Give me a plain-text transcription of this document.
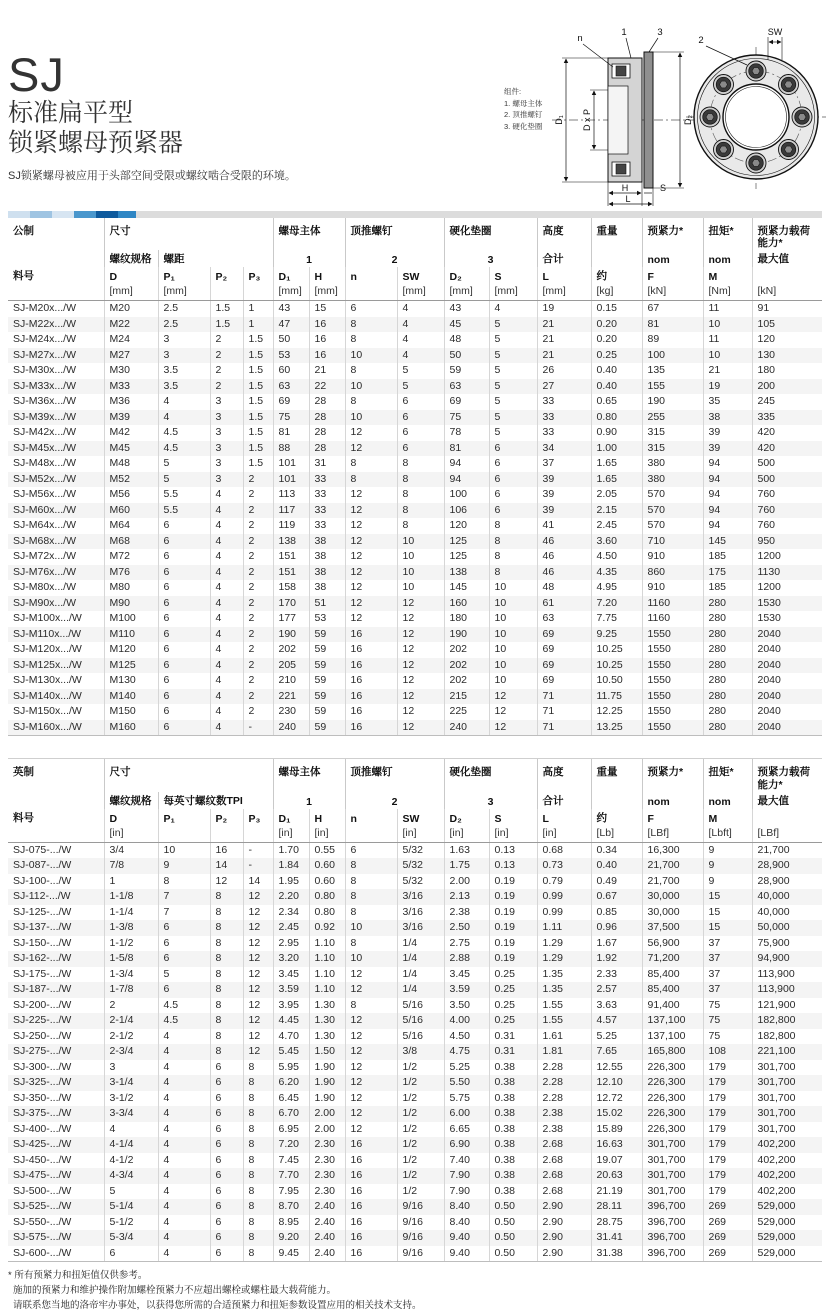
D₁ D x P	D₂
n
1	3
H	S
L
2
SW
组件:
1. 螺母主体
2. 顶推螺钉
3. 硬化垫圈
SJ
标准扁平型
锁紧螺母预紧器
SJ锁紧螺母被应用于头部空间受限或螺纹啮合受限的环境。
公制	尺寸				螺母主体		顶推螺钉		硬化垫圈		高度	重量	预紧力*	扭矩*	预紧力载荷能力*
	螺纹规格	螺距			1		2		3		合计		nom	nom	最大值
料号	D	P₁	P₂	P₃	D₁	H	n	SW	D₂	S	L	约	F	M	
	[mm]	[mm]			[mm]	[mm]		[mm]	[mm]	[mm]	[mm]	[kg]	[kN]	[Nm]	[kN]
SJ-M20x.../W	M20	2.5	1.5	1	43	15	6	4	43	4	19	0.15	67	11	91
SJ-M22x.../W	M22	2.5	1.5	1	47	16	8	4	45	5	21	0.20	81	10	105
SJ-M24x.../W	M24	3	2	1.5	50	16	8	4	48	5	21	0.20	89	11	120
SJ-M27x.../W	M27	3	2	1.5	53	16	10	4	50	5	21	0.25	100	10	130
SJ-M30x.../W	M30	3.5	2	1.5	60	21	8	5	59	5	26	0.40	135	21	180
SJ-M33x.../W	M33	3.5	2	1.5	63	22	10	5	63	5	27	0.40	155	19	200
SJ-M36x.../W	M36	4	3	1.5	69	28	8	6	69	5	33	0.65	190	35	245
SJ-M39x.../W	M39	4	3	1.5	75	28	10	6	75	5	33	0.80	255	38	335
SJ-M42x.../W	M42	4.5	3	1.5	81	28	12	6	78	5	33	0.90	315	39	420
SJ-M45x.../W	M45	4.5	3	1.5	88	28	12	6	81	6	34	1.00	315	39	420
SJ-M48x.../W	M48	5	3	1.5	101	31	8	8	94	6	37	1.65	380	94	500
SJ-M52x.../W	M52	5	3	2	101	33	8	8	94	6	39	1.65	380	94	500
SJ-M56x.../W	M56	5.5	4	2	113	33	12	8	100	6	39	2.05	570	94	760
SJ-M60x.../W	M60	5.5	4	2	117	33	12	8	106	6	39	2.15	570	94	760
SJ-M64x.../W	M64	6	4	2	119	33	12	8	120	8	41	2.45	570	94	760
SJ-M68x.../W	M68	6	4	2	138	38	12	10	125	8	46	3.60	710	145	950
SJ-M72x.../W	M72	6	4	2	151	38	12	10	125	8	46	4.50	910	185	1200
SJ-M76x.../W	M76	6	4	2	151	38	12	10	138	8	46	4.35	860	175	1130
SJ-M80x.../W	M80	6	4	2	158	38	12	10	145	10	48	4.95	910	185	1200
SJ-M90x.../W	M90	6	4	2	170	51	12	12	160	10	61	7.20	1160	280	1530
SJ-M100x.../W	M100	6	4	2	177	53	12	12	180	10	63	7.75	1160	280	1530
SJ-M110x.../W	M110	6	4	2	190	59	16	12	190	10	69	9.25	1550	280	2040
SJ-M120x.../W	M120	6	4	2	202	59	16	12	202	10	69	10.25	1550	280	2040
SJ-M125x.../W	M125	6	4	2	205	59	16	12	202	10	69	10.25	1550	280	2040
SJ-M130x.../W	M130	6	4	2	210	59	16	12	202	10	69	10.50	1550	280	2040
SJ-M140x.../W	M140	6	4	2	221	59	16	12	215	12	71	11.75	1550	280	2040
SJ-M150x.../W	M150	6	4	2	230	59	16	12	225	12	71	12.25	1550	280	2040
SJ-M160x.../W	M160	6	4	-	240	59	16	12	240	12	71	13.25	1550	280	2040
英制	尺寸				螺母主体		顶推螺钉		硬化垫圈		高度	重量	预紧力*	扭矩*	预紧力载荷能力*
	螺纹规格	每英寸螺纹数TPI			1		2		3		合计		nom	nom	最大值
料号	D	P₁	P₂	P₃	D₁	H	n	SW	D₂	S	L	约	F	M	
	[in]				[in]	[in]		[in]	[in]	[in]	[in]	[Lb]	[LBf]	[Lbft]	[LBf]
SJ-075-.../W	3/4	10	16	-	1.70	0.55	6	5/32	1.63	0.13	0.68	0.34	16,300	9	21,700
SJ-087-.../W	7/8	9	14	-	1.84	0.60	8	5/32	1.75	0.13	0.73	0.40	21,700	9	28,900
SJ-100-.../W	1	8	12	14	1.95	0.60	8	5/32	2.00	0.19	0.79	0.49	21,700	9	28,900
SJ-112-.../W	1-1/8	7	8	12	2.20	0.80	8	3/16	2.13	0.19	0.99	0.67	30,000	15	40,000
SJ-125-.../W	1-1/4	7	8	12	2.34	0.80	8	3/16	2.38	0.19	0.99	0.85	30,000	15	40,000
SJ-137-.../W	1-3/8	6	8	12	2.45	0.92	10	3/16	2.50	0.19	1.11	0.96	37,500	15	50,000
SJ-150-.../W	1-1/2	6	8	12	2.95	1.10	8	1/4	2.75	0.19	1.29	1.67	56,900	37	75,900
SJ-162-.../W	1-5/8	6	8	12	3.20	1.10	10	1/4	2.88	0.19	1.29	1.92	71,200	37	94,900
SJ-175-.../W	1-3/4	5	8	12	3.45	1.10	12	1/4	3.45	0.25	1.35	2.33	85,400	37	113,900
SJ-187-.../W	1-7/8	6	8	12	3.59	1.10	12	1/4	3.59	0.25	1.35	2.57	85,400	37	113,900
SJ-200-.../W	2	4.5	8	12	3.95	1.30	8	5/16	3.50	0.25	1.55	3.63	91,400	75	121,900
SJ-225-.../W	2-1/4	4.5	8	12	4.45	1.30	12	5/16	4.00	0.25	1.55	4.57	137,100	75	182,800
SJ-250-.../W	2-1/2	4	8	12	4.70	1.30	12	5/16	4.50	0.31	1.61	5.25	137,100	75	182,800
SJ-275-.../W	2-3/4	4	8	12	5.45	1.50	12	3/8	4.75	0.31	1.81	7.65	165,800	108	221,100
SJ-300-.../W	3	4	6	8	5.95	1.90	12	1/2	5.25	0.38	2.28	12.55	226,300	179	301,700
SJ-325-.../W	3-1/4	4	6	8	6.20	1.90	12	1/2	5.50	0.38	2.28	12.10	226,300	179	301,700
SJ-350-.../W	3-1/2	4	6	8	6.45	1.90	12	1/2	5.75	0.38	2.28	12.72	226,300	179	301,700
SJ-375-.../W	3-3/4	4	6	8	6.70	2.00	12	1/2	6.00	0.38	2.38	15.02	226,300	179	301,700
SJ-400-.../W	4	4	6	8	6.95	2.00	12	1/2	6.65	0.38	2.38	15.89	226,300	179	301,700
SJ-425-.../W	4-1/4	4	6	8	7.20	2.30	16	1/2	6.90	0.38	2.68	16.63	301,700	179	402,200
SJ-450-.../W	4-1/2	4	6	8	7.45	2.30	16	1/2	7.40	0.38	2.68	19.07	301,700	179	402,200
SJ-475-.../W	4-3/4	4	6	8	7.70	2.30	16	1/2	7.90	0.38	2.68	20.63	301,700	179	402,200
SJ-500-.../W	5	4	6	8	7.95	2.30	16	1/2	7.90	0.38	2.68	21.19	301,700	179	402,200
SJ-525-.../W	5-1/4	4	6	8	8.70	2.40	16	9/16	8.40	0.50	2.90	28.11	396,700	269	529,000
SJ-550-.../W	5-1/2	4	6	8	8.95	2.40	16	9/16	8.40	0.50	2.90	28.75	396,700	269	529,000
SJ-575-.../W	5-3/4	4	6	8	9.20	2.40	16	9/16	9.40	0.50	2.90	31.41	396,700	269	529,000
SJ-600-.../W	6	4	6	8	9.45	2.40	16	9/16	9.40	0.50	2.90	31.38	396,700	269	529,000
* 所有预紧力和扭矩值仅供参考。
施加的预紧力和维护操作附加螺栓预紧力不应超出螺栓或螺柱最大载荷能力。
请联系您当地的洛帝牢办事处，以获得您所需的合适预紧力和扭矩参数设置应用的相关技术支持。
